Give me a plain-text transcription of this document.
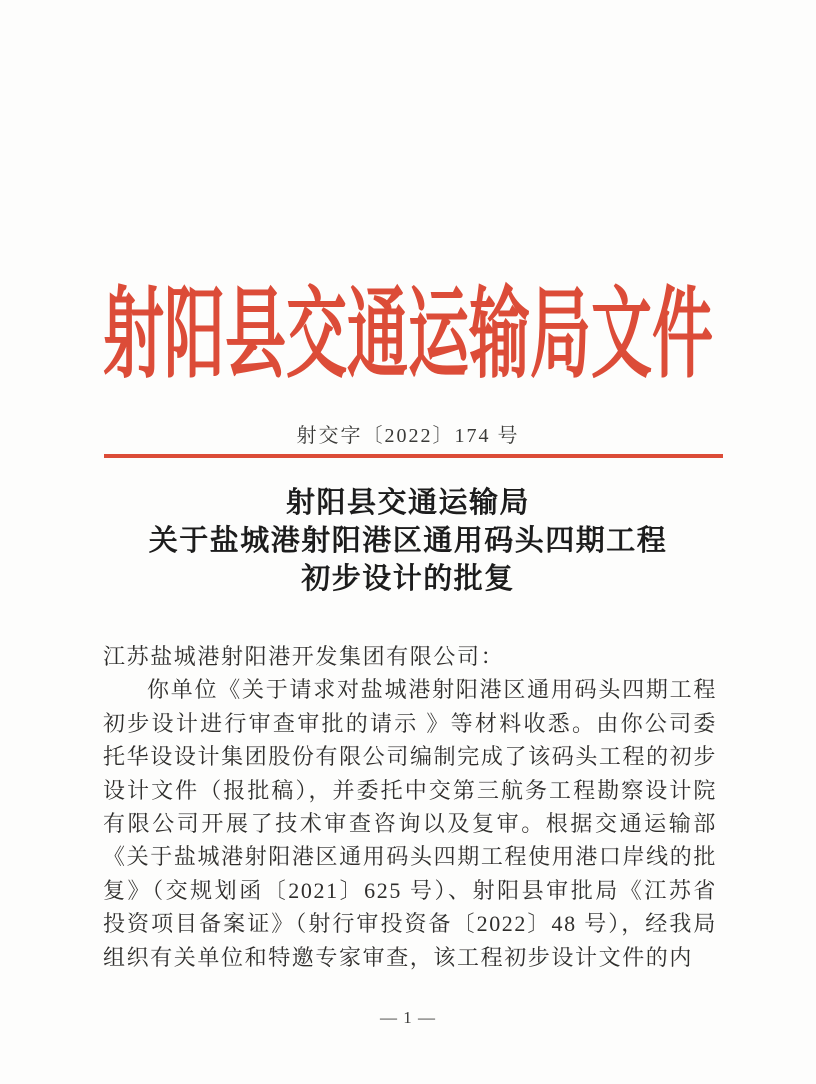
射阳县交通运输局文件
射交字〔2022〕174 号
射阳县交通运输局
关于盐城港射阳港区通用码头四期工程
初步设计的批复

江苏盐城港射阳港开发集团有限公司：

你单位《关于请求对盐城港射阳港区通用码头四期工程初步设计进行审查审批的请示 》等材料收悉。由你公司委托华设设计集团股份有限公司编制完成了该码头工程的初步设计文件（报批稿），并委托中交第三航务工程勘察设计院有限公司开展了技术审查咨询以及复审。根据交通运输部《关于盐城港射阳港区通用码头四期工程使用港口岸线的批复》（交规划函〔2021〕625 号）、射阳县审批局《江苏省投资项目备案证》（射行审投资备〔2022〕48 号），经我局组织有关单位和特邀专家审查，该工程初步设计文件的内

— 1 —
